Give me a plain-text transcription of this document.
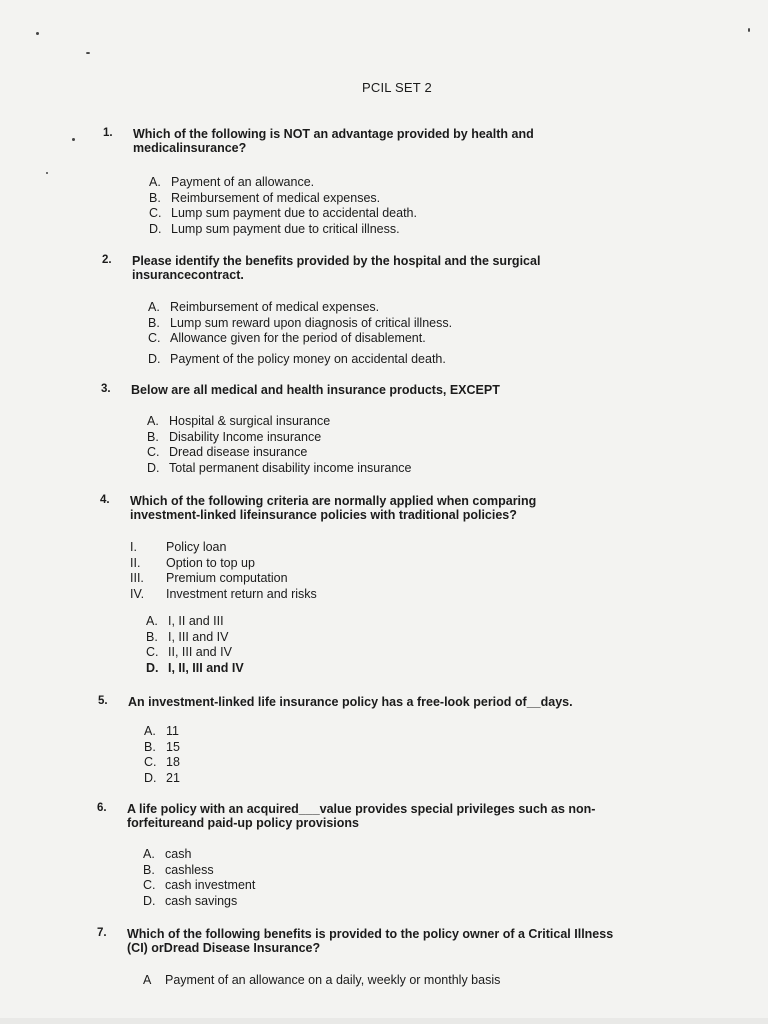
PCIL SET 2
1. Which of the following is NOT an advantage provided by health and medicalinsurance?
A. Payment of an allowance.
B. Reimbursement of medical expenses.
C. Lump sum payment due to accidental death.
D. Lump sum payment due to critical illness.
2. Please identify the benefits provided by the hospital and the surgical insurancecontract.
A. Reimbursement of medical expenses.
B. Lump sum reward upon diagnosis of critical illness.
C. Allowance given for the period of disablement.
D. Payment of the policy money on accidental death.
3. Below are all medical and health insurance products, EXCEPT
A. Hospital & surgical insurance
B. Disability Income insurance
C. Dread disease insurance
D. Total permanent disability income insurance
4. Which of the following criteria are normally applied when comparing investment-linked lifeinsurance policies with traditional policies?
I. Policy loan
II. Option to top up
III. Premium computation
IV. Investment return and risks
A. I, II and III
B. I, III and IV
C. II, III and IV
D. I, II, III and IV
5. An investment-linked life insurance policy has a free-look period of__days.
A. 11
B. 15
C. 18
D. 21
6. A life policy with an acquired___value provides special privileges such as non-forfeitureand paid-up policy provisions
A. cash
B. cashless
C. cash investment
D. cash savings
7. Which of the following benefits is provided to the policy owner of a Critical Illness (CI) orDread Disease Insurance?
A Payment of an allowance on a daily, weekly or monthly basis
